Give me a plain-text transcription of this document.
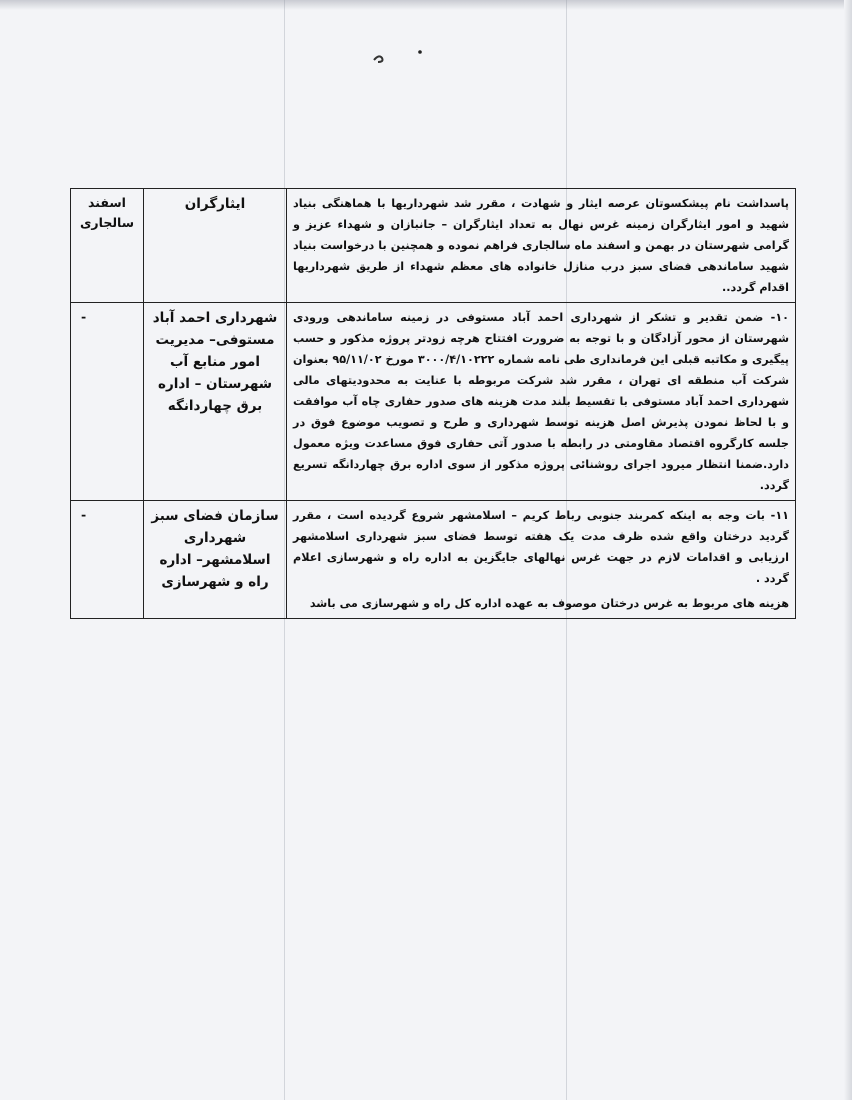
پاسداشت نام پیشکسوتان عرصه ایثار و شهادت ، مقرر شد شهرداریها با هماهنگی بنیاد شهید و امور ایثارگران زمینه غرس نهال به تعداد ایثارگران – جانبازان و شهداء عزیز و گرامی شهرستان در بهمن و اسفند ماه سالجاری فراهم نموده و همچنین با درخواست بنیاد شهید ساماندهی فضای سبز درب منازل خانواده های معظم شهداء از طریق شهرداریها اقدام گردد..	ایثارگران	اسفند سالجاری
۱۰- ضمن تقدیر و تشکر از شهرداری احمد آباد مستوفی در زمینه ساماندهی ورودی شهرستان از محور آزادگان و با توجه به ضرورت افتتاح هرچه زودتر پروژه مذکور و حسب پیگیری و مکاتبه قبلی این فرمانداری طی نامه شماره ۳۰۰۰/۴/۱۰۲۲۲ مورخ ۹۵/۱۱/۰۲ بعنوان شرکت آب منطقه ای تهران ، مقرر شد شرکت مربوطه با عنایت به محدودیتهای مالی شهرداری احمد آباد مستوفی با تقسیط بلند مدت هزینه های صدور حفاری چاه آب موافقت و با لحاظ نمودن پذیرش اصل هزینه توسط شهرداری و طرح و تصویب موضوع فوق در جلسه کارگروه اقتصاد مقاومتی در رابطه با صدور آتی حفاری فوق مساعدت ویژه معمول دارد.ضمنا انتظار میرود اجرای روشنائی پروژه مذکور از سوی اداره برق چهاردانگه تسریع گردد.	شهرداری احمد آباد مستوفی– مدیریت امور منابع آب شهرستان – اداره برق چهاردانگه	-

۱۱- بات وجه به اینکه کمربند جنوبی رباط کریم – اسلامشهر شروع گردیده است ، مقرر گردید درختان واقع شده ظرف مدت یک هفته توسط فضای سبز شهرداری اسلامشهر ارزیابی و اقدامات لازم در جهت غرس نهالهای جایگزین به اداره راه و شهرسازی اعلام گردد .
هزینه های مربوط به غرس درختان موصوف به عهده اداره کل راه و شهرسازی می باشد	سازمان فضای سبز شهرداری اسلامشهر– اداره راه و شهرسازی	-
